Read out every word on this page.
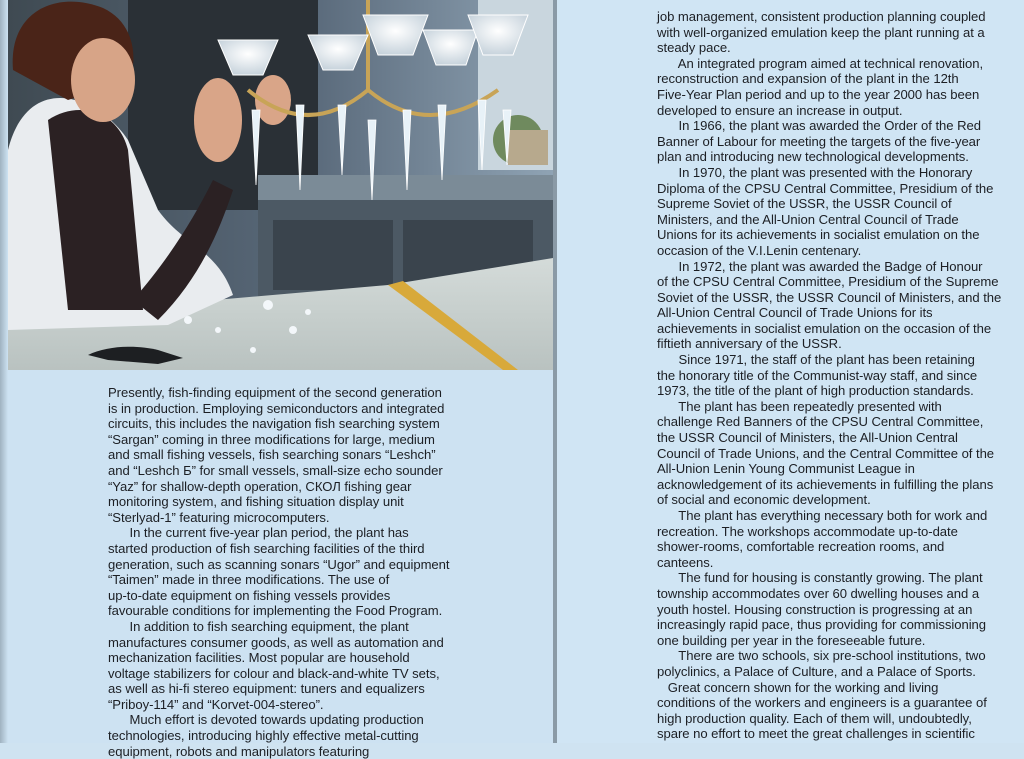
Presently, fish-finding equipment of the second generation
is in production. Employing semiconductors and integrated
circuits, this includes the navigation fish searching system
“Sargan” coming in three modifications for large, medium
and small fishing vessels, fish searching sonars “Leshch”
and “Leshch Б” for small vessels, small-size echo sounder
“Yaz” for shallow-depth operation, СКОЛ fishing gear
monitoring system, and fishing situation display unit
“Sterlyad-1” featuring microcomputers.
In the current five-year plan period, the plant has
started production of fish searching facilities of the third
generation, such as scanning sonars “Ugor” and equipment
“Taimen” made in three modifications. The use of
up-to-date equipment on fishing vessels provides
favourable conditions for implementing the Food Program.
In addition to fish searching equipment, the plant
manufactures consumer goods, as well as automation and
mechanization facilities. Most popular are household
voltage stabilizers for colour and black-and-white TV sets,
as well as hi-fi stereo equipment: tuners and equalizers
“Priboy-114” and “Korvet-004-stereo”.
Much effort is devoted towards updating production
technologies, introducing highly effective metal-cutting
equipment, robots and manipulators featuring
job management, consistent production planning coupled
with well-organized emulation keep the plant running at a
steady pace.
An integrated program aimed at technical renovation,
reconstruction and expansion of the plant in the 12th
Five-Year Plan period and up to the year 2000 has been
developed to ensure an increase in output.
In 1966, the plant was awarded the Order of the Red
Banner of Labour for meeting the targets of the five-year
plan and introducing new technological developments.
In 1970, the plant was presented with the Honorary
Diploma of the CPSU Central Committee, Presidium of the
Supreme Soviet of the USSR, the USSR Council of
Ministers, and the All-Union Central Council of Trade
Unions for its achievements in socialist emulation on the
occasion of the V.I.Lenin centenary.
In 1972, the plant was awarded the Badge of Honour
of the CPSU Central Committee, Presidium of the Supreme
Soviet of the USSR, the USSR Council of Ministers, and the
All-Union Central Council of Trade Unions for its
achievements in socialist emulation on the occasion of the
fiftieth anniversary of the USSR.
Since 1971, the staff of the plant has been retaining
the honorary title of the Communist-way staff, and since
1973, the title of the plant of high production standards.
The plant has been repeatedly presented with
challenge Red Banners of the CPSU Central Committee,
the USSR Council of Ministers, the All-Union Central
Council of Trade Unions, and the Central Committee of the
All-Union Lenin Young Communist League in
acknowledgement of its achievements in fulfilling the plans
of social and economic development.
The plant has everything necessary both for work and
recreation. The workshops accommodate up-to-date
shower-rooms, comfortable recreation rooms, and
canteens.
The fund for housing is constantly growing. The plant
township accommodates over 60 dwelling houses and a
youth hostel. Housing construction is progressing at an
increasingly rapid pace, thus providing for commissioning
one building per year in the foreseeable future.
There are two schools, six pre-school institutions, two
polyclinics, a Palace of Culture, and a Palace of Sports.
Great concern shown for the working and living
conditions of the workers and engineers is a guarantee of
high production quality. Each of them will, undoubtedly,
spare no effort to meet the great challenges in scientific
